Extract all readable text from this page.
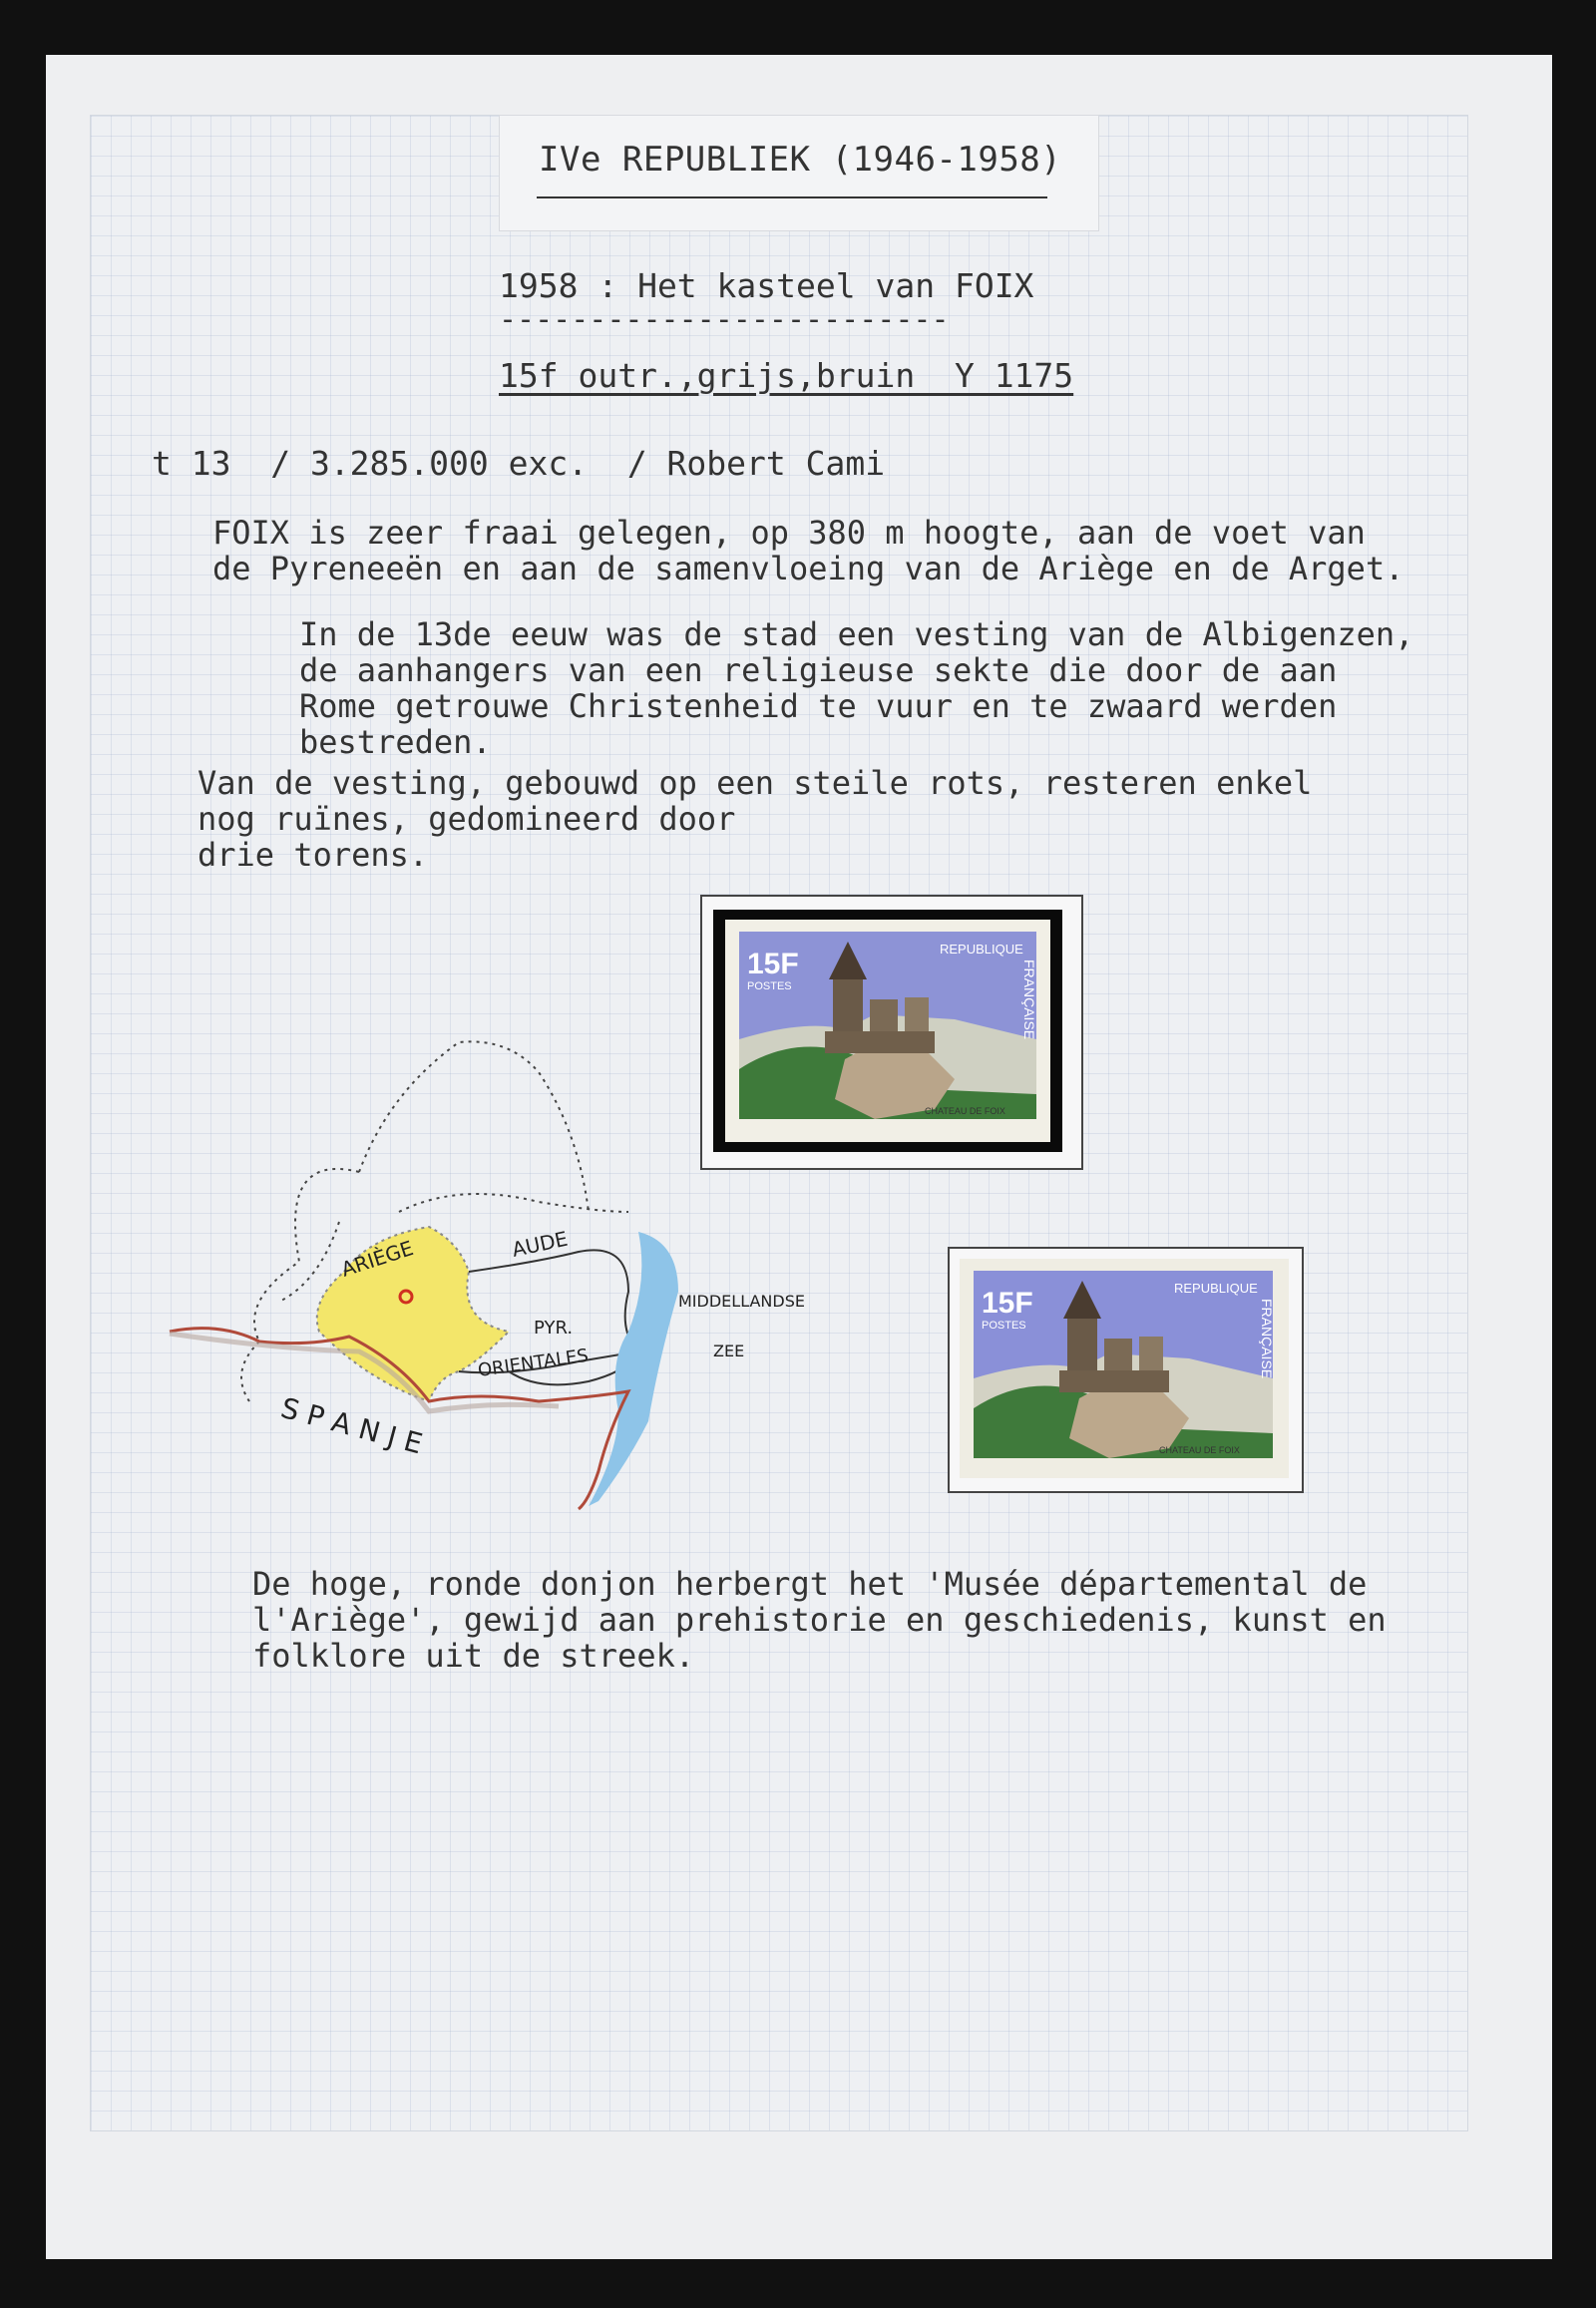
IVe REPUBLIEK (1946-1958)
1958 : Het kasteel van FOIX
-------------------------
15f outr.,grijs,bruin  Y 1175
t 13  / 3.285.000 exc.  / Robert Cami
FOIX is zeer fraai gelegen, op 380 m hoogte, aan de voet van
de Pyreneeën en aan de samenvloeing van de Ariège en de Arget.
In de 13de eeuw was de stad een vesting van de Albigenzen,
de aanhangers van een religieuse sekte die door de aan
Rome getrouwe Christenheid te vuur en te zwaard werden
bestreden.
Van de vesting, gebouwd op een steile rots, resteren enkel
nog ruïnes, gedomineerd door
drie torens.
De hoge, ronde donjon herbergt het 'Musée départemental de
l'Ariège', gewijd aan prehistorie en geschiedenis, kunst en
folklore uit de streek.
15F
POSTES
REPUBLIQUE
FRANÇAISE
CHATEAU DE FOIX
15F
POSTES
REPUBLIQUE
FRANÇAISE
CHATEAU DE FOIX
ARIÈGE	AUDE
PYR.
ORIENTALES
MIDDELLANDSE
ZEE
S P A N J E
